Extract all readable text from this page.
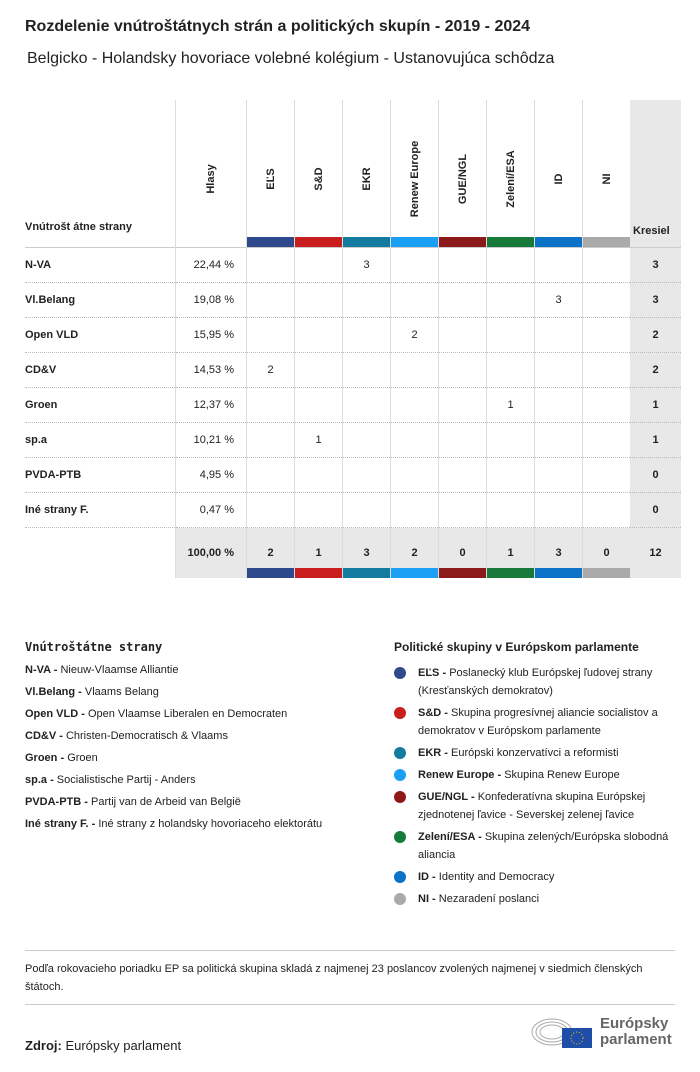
Rozdelenie vnútroštátnych strán a politických skupín - 2019 - 2024
Belgicko - Holandsky hovoriace volebné kolégium - Ustanovujúca schôdza
Vnútrošt átne strany	Hlasy	EĽS	S&D	EKR	Renew Europe	GUE/NGL	Zelení/ESA	ID	NI	Kresiel
N-VA	22,44 %			3						3
Vl.Belang	19,08 %							3		3
Open VLD	15,95 %				2					2
CD&V	14,53 %	2								2
Groen	12,37 %						1			1
sp.a	10,21 %		1							1
PVDA-PTB	4,95 %									0
Iné strany F.	0,47 %									0
	100,00 %	2	1	3	2	0	1	3	0	12
Vnútroštátne strany
N-VA - Nieuw-Vlaamse Alliantie
Vl.Belang - Vlaams Belang
Open VLD - Open Vlaamse Liberalen en Democraten
CD&V - Christen-Democratisch & Vlaams
Groen - Groen
sp.a - Socialistische Partij - Anders
PVDA-PTB - Partij van de Arbeid van België
Iné strany F. - Iné strany z holandsky hovoriaceho elektorátu
Politické skupiny v Európskom parlamente
EĽS - Poslanecký klub Európskej ľudovej strany (Kresťanských demokratov)
S&D - Skupina progresívnej aliancie socialistov a demokratov v Európskom parlamente
EKR - Európski konzervatívci a reformisti
Renew Europe - Skupina Renew Europe
GUE/NGL - Konfederatívna skupina Európskej zjednotenej ľavice - Severskej zelenej ľavice
Zelení/ESA - Skupina zelených/Európska slobodná aliancia
ID - Identity and Democracy
NI - Nezaradení poslanci
Podľa rokovacieho poriadku EP sa politická skupina skladá z najmenej 23 poslancov zvolených najmenej v siedmich členských štátoch.
Zdroj: Európsky parlament
Európsky
parlament
